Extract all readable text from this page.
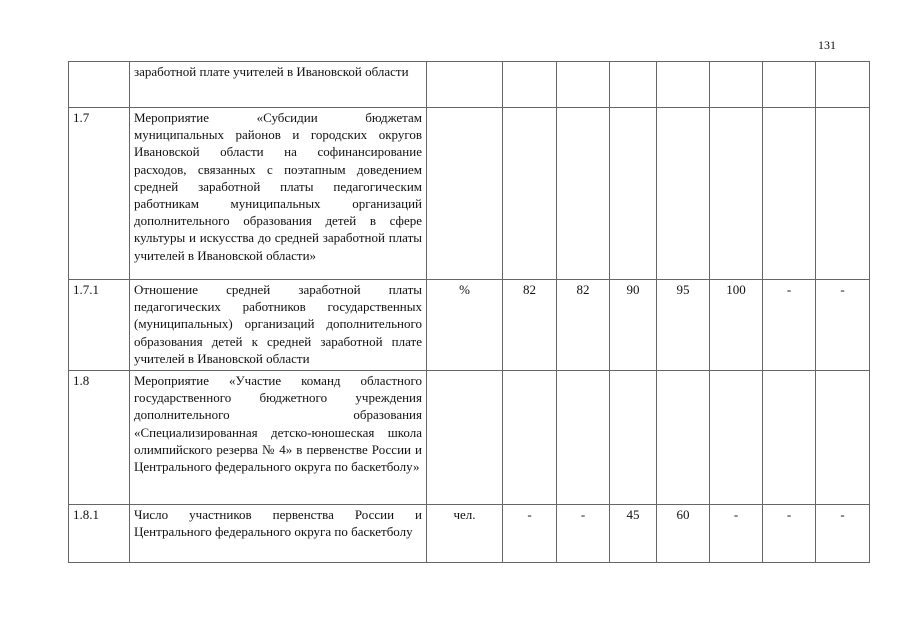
131
	заработной плате учителей в Ивановской области								
1.7	Мероприятие «Субсидии бюджетам муниципальных районов и городских округов Ивановской области на софинансирование расходов, связанных с поэтапным доведением средней заработной платы педагогическим работникам муниципальных организаций дополнительного образования детей в сфере культуры и искусства до средней заработной платы учителей в Ивановской области»								
1.7.1	Отношение средней заработной платы педагогических работников государственных (муниципальных) организаций дополнительного образования детей к средней заработной плате учителей в Ивановской области	%	82	82	90	95	100	-	-
1.8	Мероприятие «Участие команд областного государственного бюджетного учреждения дополнительного образования «Специализированная детско-юношеская школа олимпийского резерва № 4» в первенстве России и Центрального федерального округа по баскетболу»								
1.8.1	Число участников первенства России и Центрального федерального округа по баскетболу	чел.	-	-	45	60	-	-	-
